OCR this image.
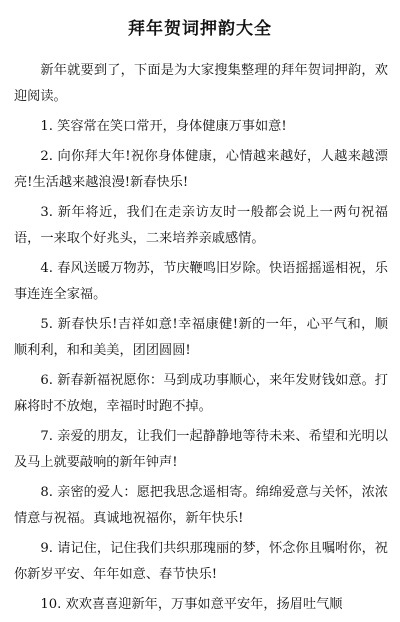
拜年贺词押韵大全

新年就要到了，下面是为大家搜集整理的拜年贺词押韵，欢迎阅读。

1. 笑容常在笑口常开，身体健康万事如意!

2. 向你拜大年!祝你身体健康，心情越来越好，人越来越漂亮!生活越来越浪漫!新春快乐!

3. 新年将近，我们在走亲访友时一般都会说上一两句祝福语，一来取个好兆头，二来培养亲戚感情。

4. 春风送暖万物苏，节庆鞭鸣旧岁除。快语摇摇遥相祝，乐事连连全家福。

5. 新春快乐!吉祥如意!幸福康健!新的一年，心平气和，顺顺利利，和和美美，团团圆圆!

6. 新春新福祝愿你：马到成功事顺心，来年发财钱如意。打麻将时不放炮，幸福时时跑不掉。

7. 亲爱的朋友，让我们一起静静地等待未来、希望和光明以及马上就要敲响的新年钟声!

8. 亲密的爱人：愿把我思念遥相寄。绵绵爱意与关怀，浓浓情意与祝福。真诚地祝福你，新年快乐!

9. 请记住，记住我们共织那瑰丽的梦，怀念你且嘱咐你，祝你新岁平安、年年如意、春节快乐!

10. 欢欢喜喜迎新年，万事如意平安年，扬眉吐气顺
